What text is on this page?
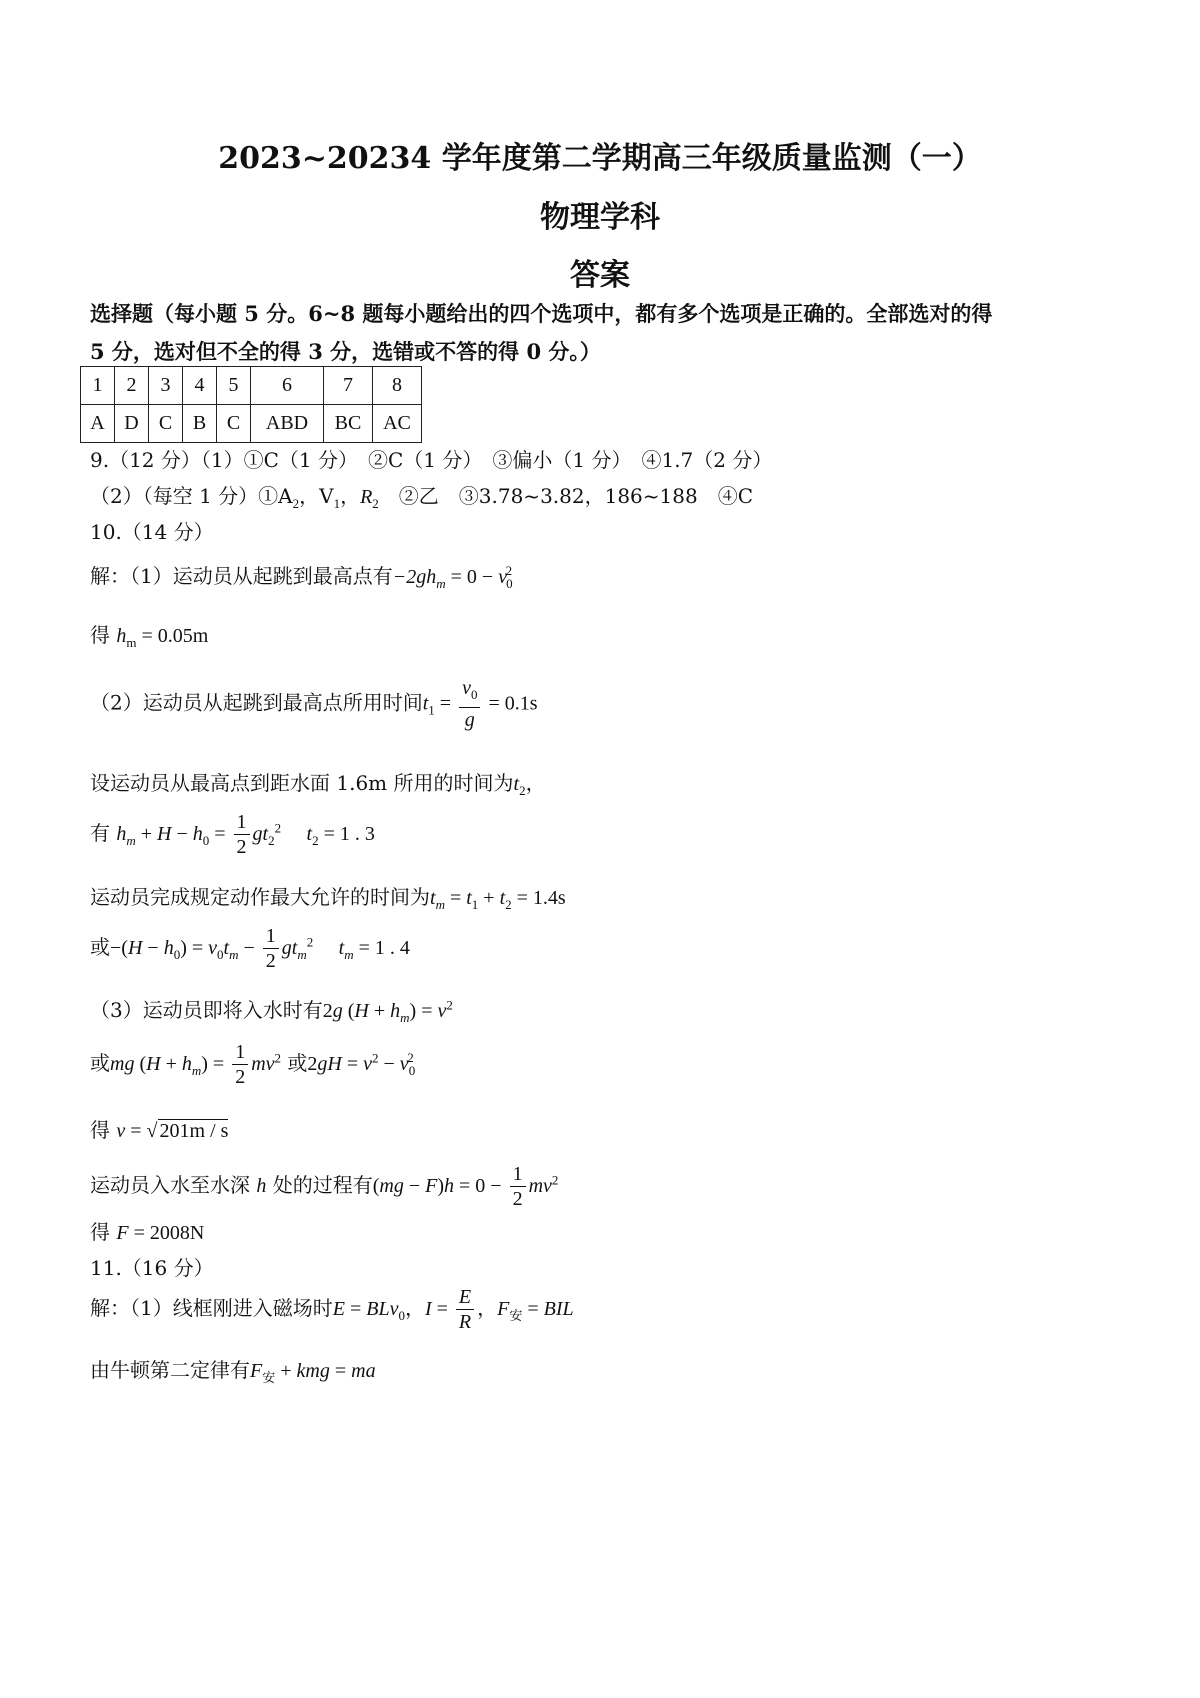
2023~20234 学年度第二学期高三年级质量监测（一）
物理学科
答案
选择题（每小题 5 分。6~8 题每小题给出的四个选项中，都有多个选项是正确的。全部选对的得
5 分，选对但不全的得 3 分，选错或不答的得 0 分。）
1	2	3	4	5	6	7	8
A	D	C	B	C	ABD	BC	AC
9.（12 分）（1）①C（1 分）　②C（1 分）　③偏小（1 分）　④1.7（2 分）
（2）（每空 1 分）$①A_2$，$V_1$，$R_2$　②乙　③3.78~3.82，186~188　④C
10.（14 分）
解：（1）运动员从起跳到最高点有$-2gh_m = 0 - v_0^2$
得 $h_m = 0.05m$
（2）运动员从起跳到最高点所用时间$t_1 = \frac{v_0}{g} = 0.1s$
设运动员从最高点到距水面 1.6m 所用的时间为$t_2$，
有 $h_m + H - h_0 = \frac{1}{2} gt_2^2$ $t_2 = 1$ . 3
运动员完成规定动作最大允许的时间为$t_m = t_1 + t_2 = 1.4s$
或$-(H - h_0) = v_0t_m - \frac{1}{2} gt_m^2$ $t_m = 1$ . 4
（3）运动员即将入水时有2g $(H + h_m) = v^2$
或mg $(H + h_m) = \frac{1}{2} mv^2$ 或$2gH = v^2 - v_0^2$
得 v = √ 201m / s
运动员入水至水深 h 处的过程有$(mg - F)h = 0 - \frac{1}{2} mv^2$
得 F = 2008N
11.（16 分）
解：（1）线框刚进入磁场时E = BLv$_0$，$I = \frac{E}{R}$ ，$F_安$ = BIL
由牛顿第二定律有$F_安$ + kmg = ma
